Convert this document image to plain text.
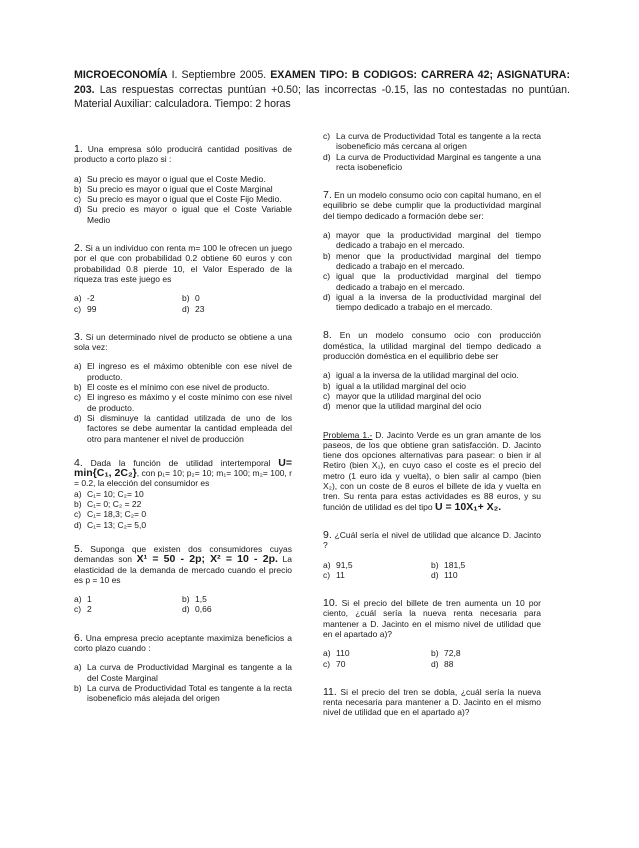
MICROECONOMÍA I. Septiembre 2005. EXAMEN TIPO: B CODIGOS: CARRERA 42; ASIGNATURA: 203. Las respuestas correctas puntúan +0.50; las incorrectas -0.15, las no contestadas no puntúan. Material Auxiliar: calculadora. Tiempo: 2 horas
1. Una empresa sólo producirá cantidad positivas de producto a corto plazo si :
a) Su precio es mayor o igual que el Coste Medio.
b) Su precio es mayor o igual que el Coste Marginal
c) Su precio es mayor o igual que el Coste Fijo Medio.
d) Su precio es mayor o igual que el Coste Variable Medio
2. Si a un individuo con renta m= 100 le ofrecen un juego por el que con probabilidad 0.2 obtiene 60 euros y con probabilidad 0.8 pierde 10, el Valor Esperado de la riqueza tras este juego es
a) -2	b) 0
c) 99	d) 23
3. Si un determinado nivel de producto se obtiene a una sola vez:
a) El ingreso es el máximo obtenible con ese nivel de producto.
b) El coste es el mínimo con ese nivel de producto.
c) El ingreso es máximo y el coste mínimo con ese nivel de producto.
d) Si disminuye la cantidad utilizada de uno de los factores se debe aumentar la cantidad empleada del otro para mantener el nivel de producción
4. Dada la función de utilidad intertemporal U= min{C₁, 2C₂}, con p₁= 10; p₂= 10; m₁= 100; m₂= 100, r = 0.2, la elección del consumidor es
a) C₁= 10; C₂= 10
b) C₁= 0; C₂ = 22
c) C₁= 18,3; C₂= 0
d) C₁= 13; C₂= 5,0
5. Suponga que existen dos consumidores cuyas demandas son X¹ = 50 - 2p; X² = 10 - 2p. La elasticidad de la demanda de mercado cuando el precio es p = 10 es
a) 1	b) 1,5
c) 2	d) 0,66
6. Una empresa precio aceptante maximiza beneficios a corto plazo cuando :
a) La curva de Productividad Marginal es tangente a la del Coste Marginal
b) La curva de Productividad Total es tangente a la recta isobeneficio más alejada del origen
c) La curva de Productividad Total es tangente a la recta isobeneficio más cercana al origen
d) La curva de Productividad Marginal es tangente a una recta isobeneficio
7. En un modelo consumo ocio con capital humano, en el equilibrio se debe cumplir que la productividad marginal del tiempo dedicado a formación debe ser:
a) mayor que la productividad marginal del tiempo dedicado a trabajo en el mercado.
b) menor que la productividad marginal del tiempo dedicado a trabajo en el mercado.
c) igual que la productividad marginal del tiempo dedicado a trabajo en el mercado.
d) igual a la inversa de la productividad marginal del tiempo dedicado a trabajo en el mercado.
8. En un modelo consumo ocio con producción doméstica, la utilidad marginal del tiempo dedicado a producción doméstica en el equilibrio debe ser
a) igual a la inversa de la utilidad marginal del ocio.
b) igual a la utilidad marginal del ocio
c) mayor que la utilidad marginal del ocio
d) menor que la utilidad marginal del ocio
Problema 1.- D. Jacinto Verde es un gran amante de los paseos, de los que obtiene gran satisfacción. D. Jacinto tiene dos opciones alternativas para pasear: o bien ir al Retiro (bien X₁), en cuyo caso el coste es el precio del metro (1 euro ida y vuelta), o bien salir al campo (bien X₂), con un coste de 8 euros el billete de ida y vuelta en tren. Su renta para estas actividades es 88 euros, y su función de utilidad es del tipo U = 10X₁+ X₂.
9. ¿Cuál sería el nivel de utilidad que alcance D. Jacinto ?
a) 91,5	b) 181,5
c) 11	d) 110
10. Si el precio del billete de tren aumenta un 10 por ciento, ¿cuál sería la nueva renta necesaria para mantener a D. Jacinto en el mismo nivel de utilidad que en el apartado a)?
a) 110	b) 72,8
c) 70	d) 88
11. Si el precio del tren se dobla, ¿cuál sería la nueva renta necesaria para mantener a D. Jacinto en el mismo nivel de utilidad que en el apartado a)?
